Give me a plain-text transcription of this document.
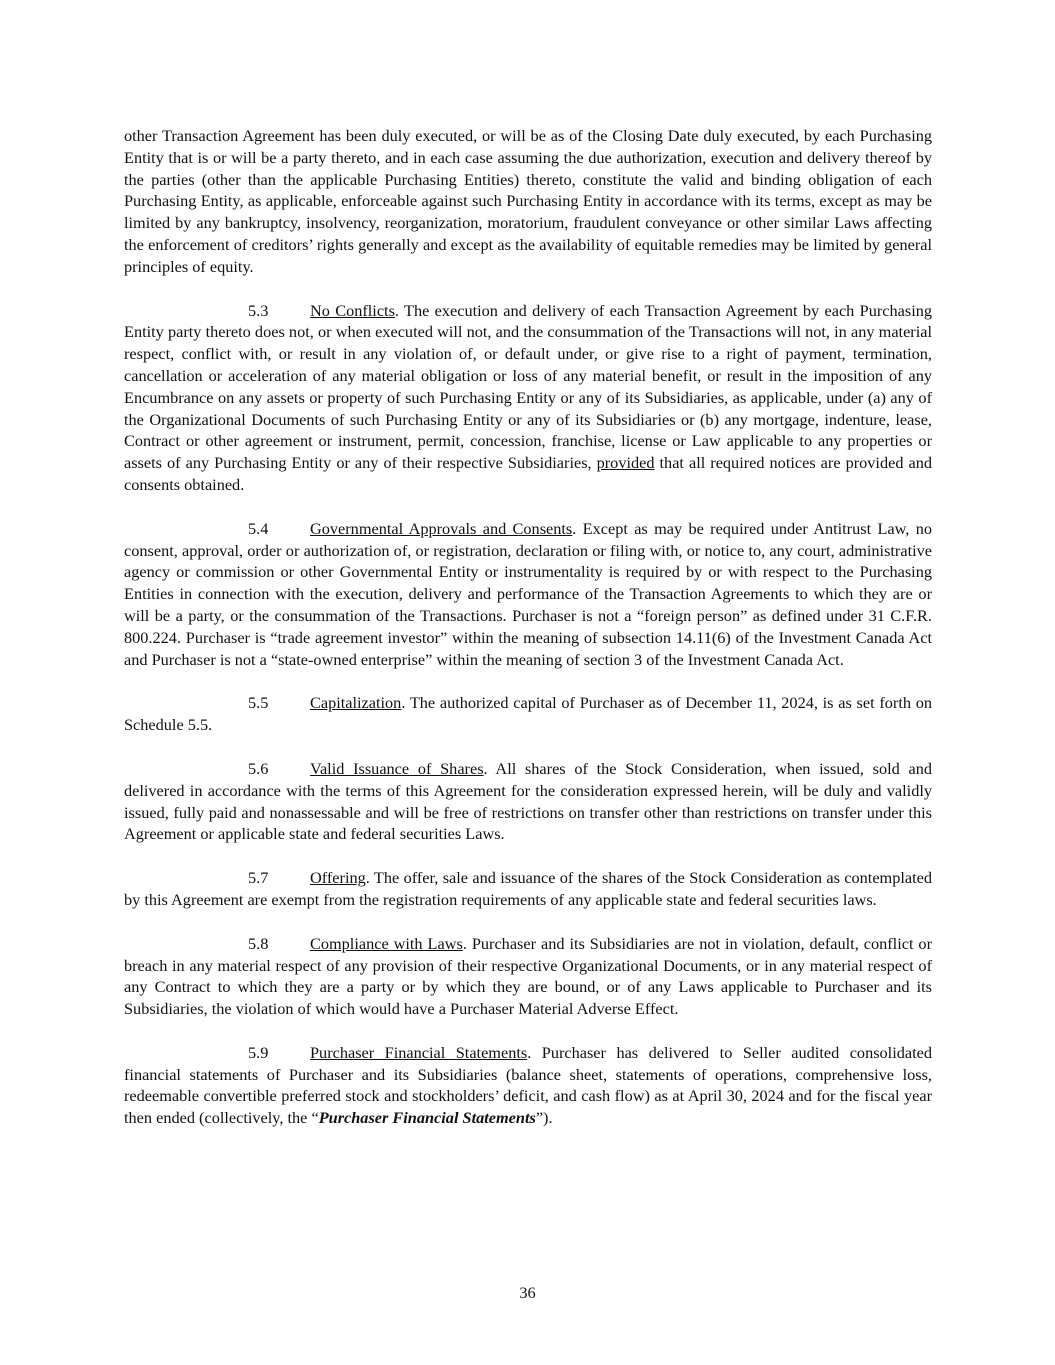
other Transaction Agreement has been duly executed, or will be as of the Closing Date duly executed, by each Purchasing Entity that is or will be a party thereto, and in each case assuming the due authorization, execution and delivery thereof by the parties (other than the applicable Purchasing Entities) thereto, constitute the valid and binding obligation of each Purchasing Entity, as applicable, enforceable against such Purchasing Entity in accordance with its terms, except as may be limited by any bankruptcy, insolvency, reorganization, moratorium, fraudulent conveyance or other similar Laws affecting the enforcement of creditors’ rights generally and except as the availability of equitable remedies may be limited by general principles of equity.

5.3	No Conflicts. The execution and delivery of each Transaction Agreement by each Purchasing Entity party thereto does not, or when executed will not, and the consummation of the Transactions will not, in any material respect, conflict with, or result in any violation of, or default under, or give rise to a right of payment, termination, cancellation or acceleration of any material obligation or loss of any material benefit, or result in the imposition of any Encumbrance on any assets or property of such Purchasing Entity or any of its Subsidiaries, as applicable, under (a) any of the Organizational Documents of such Purchasing Entity or any of its Subsidiaries or (b) any mortgage, indenture, lease, Contract or other agreement or instrument, permit, concession, franchise, license or Law applicable to any properties or assets of any Purchasing Entity or any of their respective Subsidiaries, provided that all required notices are provided and consents obtained.

5.4	Governmental Approvals and Consents. Except as may be required under Antitrust Law, no consent, approval, order or authorization of, or registration, declaration or filing with, or notice to, any court, administrative agency or commission or other Governmental Entity or instrumentality is required by or with respect to the Purchasing Entities in connection with the execution, delivery and performance of the Transaction Agreements to which they are or will be a party, or the consummation of the Transactions. Purchaser is not a “foreign person” as defined under 31 C.F.R. 800.224. Purchaser is “trade agreement investor” within the meaning of subsection 14.11(6) of the Investment Canada Act and Purchaser is not a “state-owned enterprise” within the meaning of section 3 of the Investment Canada Act.

5.5	Capitalization. The authorized capital of Purchaser as of December 11, 2024, is as set forth on Schedule 5.5.

5.6	Valid Issuance of Shares. All shares of the Stock Consideration, when issued, sold and delivered in accordance with the terms of this Agreement for the consideration expressed herein, will be duly and validly issued, fully paid and nonassessable and will be free of restrictions on transfer other than restrictions on transfer under this Agreement or applicable state and federal securities Laws.

5.7	Offering. The offer, sale and issuance of the shares of the Stock Consideration as contemplated by this Agreement are exempt from the registration requirements of any applicable state and federal securities laws.

5.8	Compliance with Laws. Purchaser and its Subsidiaries are not in violation, default, conflict or breach in any material respect of any provision of their respective Organizational Documents, or in any material respect of any Contract to which they are a party or by which they are bound, or of any Laws applicable to Purchaser and its Subsidiaries, the violation of which would have a Purchaser Material Adverse Effect.

5.9	Purchaser Financial Statements. Purchaser has delivered to Seller audited consolidated financial statements of Purchaser and its Subsidiaries (balance sheet, statements of operations, comprehensive loss, redeemable convertible preferred stock and stockholders’ deficit, and cash flow) as at April 30, 2024 and for the fiscal year then ended (collectively, the “Purchaser Financial Statements”).

36
